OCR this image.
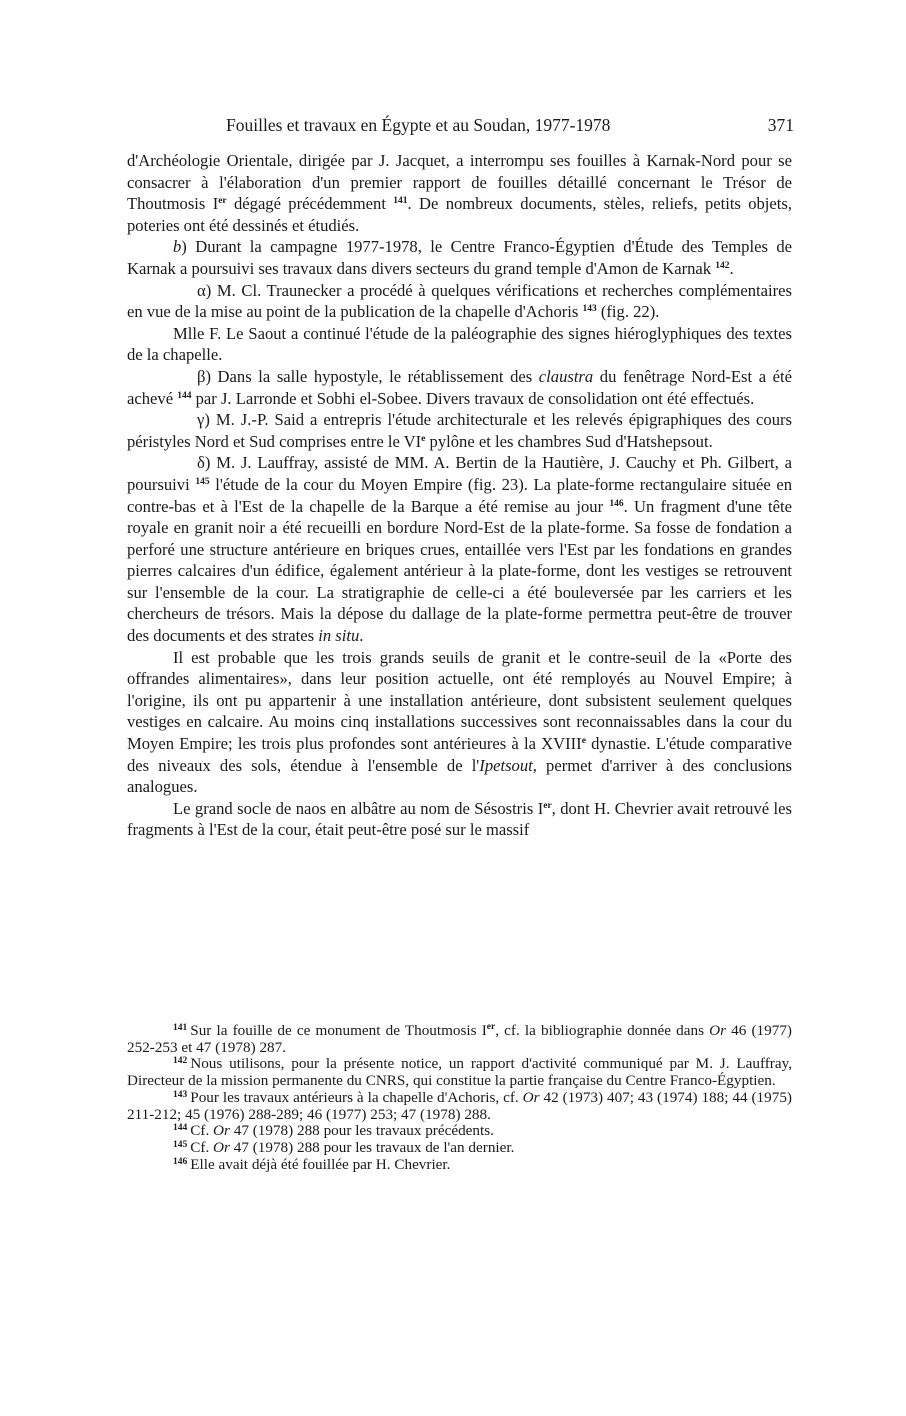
Fouilles et travaux en Égypte et au Soudan, 1977-1978	371

d'Archéologie Orientale, dirigée par J. Jacquet, a interrompu ses fouilles à Karnak-Nord pour se consacrer à l'élaboration d'un premier rapport de fouilles détaillé concernant le Trésor de Thoutmosis Ier dégagé précédemment $^{141}$. De nombreux documents, stèles, reliefs, petits objets, poteries ont été dessinés et étudiés.

b) Durant la campagne 1977-1978, le Centre Franco-Égyptien d'Étude des Temples de Karnak a poursuivi ses travaux dans divers secteurs du grand temple d'Amon de Karnak $^{142}$.

α) M. Cl. Traunecker a procédé à quelques vérifications et recherches complémentaires en vue de la mise au point de la publication de la chapelle d'Achoris $^{143}$ (fig. 22).

Mlle F. Le Saout a continué l'étude de la paléographie des signes hiéroglyphiques des textes de la chapelle.

β) Dans la salle hypostyle, le rétablissement des claustra du fenêtrage Nord-Est a été achevé $^{144}$ par J. Larronde et Sobhi el-Sobee. Divers travaux de consolidation ont été effectués.

γ) M. J.-P. Said a entrepris l'étude architecturale et les relevés épigraphiques des cours péristyles Nord et Sud comprises entre le VIe pylône et les chambres Sud d'Hatshepsout.

δ) M. J. Lauffray, assisté de MM. A. Bertin de la Hautière, J. Cauchy et Ph. Gilbert, a poursuivi $^{145}$ l'étude de la cour du Moyen Empire (fig. 23). La plate-forme rectangulaire située en contre-bas et à l'Est de la chapelle de la Barque a été remise au jour $^{146}$. Un fragment d'une tête royale en granit noir a été recueilli en bordure Nord-Est de la plate-forme. Sa fosse de fondation a perforé une structure antérieure en briques crues, entaillée vers l'Est par les fondations en grandes pierres calcaires d'un édifice, également antérieur à la plate-forme, dont les vestiges se retrouvent sur l'ensemble de la cour. La stratigraphie de celle-ci a été bouleversée par les carriers et les chercheurs de trésors. Mais la dépose du dallage de la plate-forme permettra peut-être de trouver des documents et des strates in situ.

Il est probable que les trois grands seuils de granit et le contre-seuil de la «Porte des offrandes alimentaires», dans leur position actuelle, ont été remployés au Nouvel Empire; à l'origine, ils ont pu appartenir à une installation antérieure, dont subsistent seulement quelques vestiges en calcaire. Au moins cinq installations successives sont reconnaissables dans la cour du Moyen Empire; les trois plus profondes sont antérieures à la XVIIIe dynastie. L'étude comparative des niveaux des sols, étendue à l'ensemble de l'Ipetsout, permet d'arriver à des conclusions analogues.

Le grand socle de naos en albâtre au nom de Sésostris Ier, dont H. Chevrier avait retrouvé les fragments à l'Est de la cour, était peut-être posé sur le massif

$^{141}$ Sur la fouille de ce monument de Thoutmosis Ier, cf. la bibliographie donnée dans Or 46 (1977) 252-253 et 47 (1978) 287.

$^{142}$ Nous utilisons, pour la présente notice, un rapport d'activité communiqué par M. J. Lauffray, Directeur de la mission permanente du CNRS, qui constitue la partie française du Centre Franco-Égyptien.

$^{143}$ Pour les travaux antérieurs à la chapelle d'Achoris, cf. Or 42 (1973) 407; 43 (1974) 188; 44 (1975) 211-212; 45 (1976) 288-289; 46 (1977) 253; 47 (1978) 288.

$^{144}$ Cf. Or 47 (1978) 288 pour les travaux précédents.

$^{145}$ Cf. Or 47 (1978) 288 pour les travaux de l'an dernier.

$^{146}$ Elle avait déjà été fouillée par H. Chevrier.
